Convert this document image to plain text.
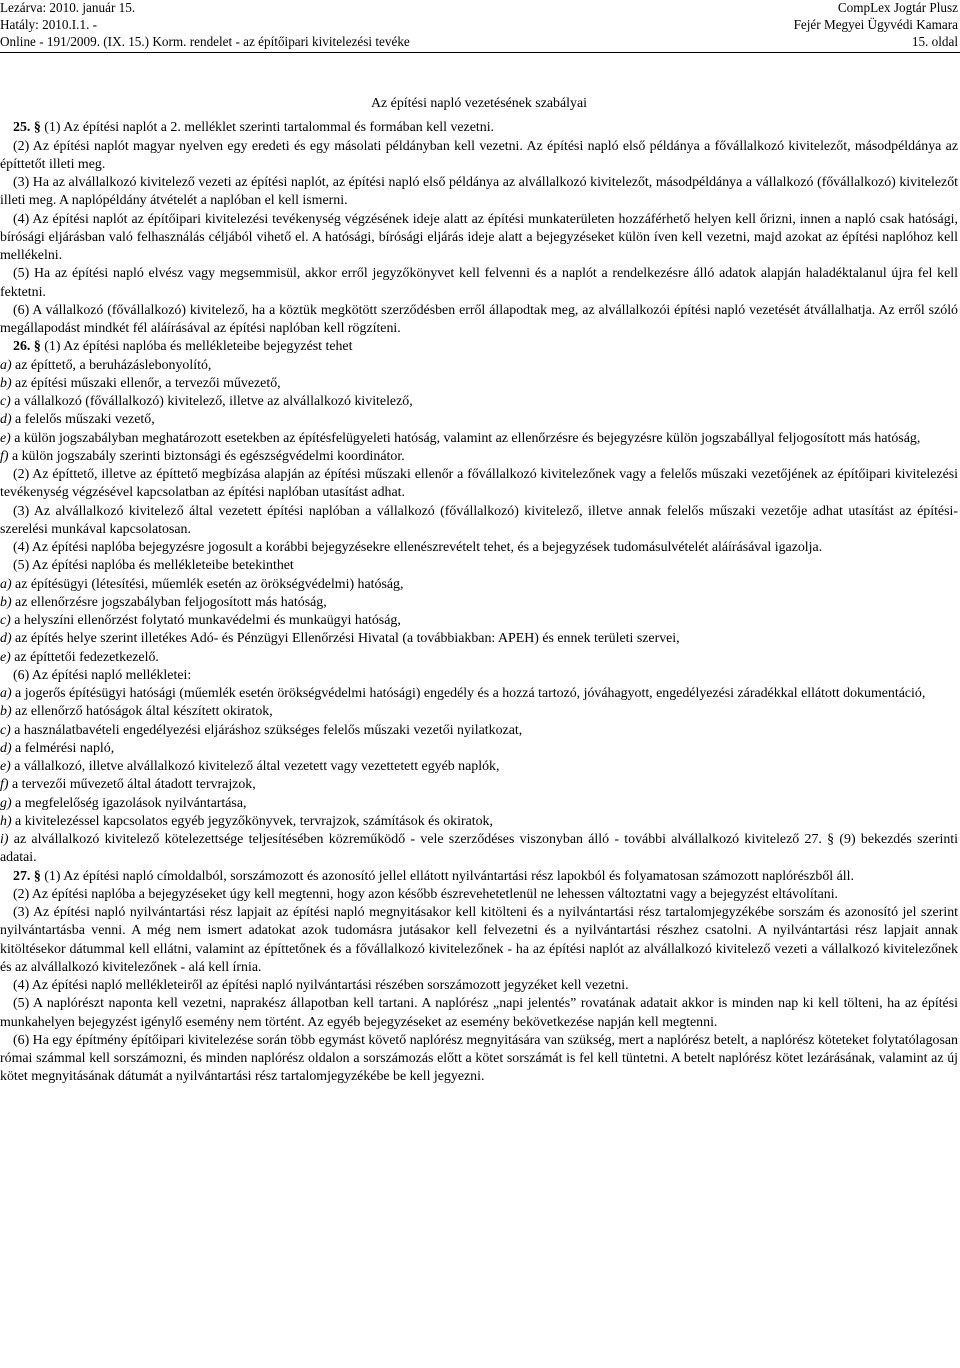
Lezárva: 2010. január 15.
Hatály: 2010.I.1. -
Online - 191/2009. (IX. 15.) Korm. rendelet - az építőipari kivitelezési tevéke
CompLex Jogtár Plusz
Fejér Megyei Ügyvédi Kamara
15. oldal
Az építési napló vezetésének szabályai

25. § (1) Az építési naplót a 2. melléklet szerinti tartalommal és formában kell vezetni.

(2) Az építési naplót magyar nyelven egy eredeti és egy másolati példányban kell vezetni. Az építési napló első példánya a fővállalkozó kivitelezőt, másodpéldánya az építtetőt illeti meg.

(3) Ha az alvállalkozó kivitelező vezeti az építési naplót, az építési napló első példánya az alvállalkozó kivitelezőt, másodpéldánya a vállalkozó (fővállalkozó) kivitelezőt illeti meg. A naplópéldány átvételét a naplóban el kell ismerni.

(4) Az építési naplót az építőipari kivitelezési tevékenység végzésének ideje alatt az építési munkaterületen hozzáférhető helyen kell őrizni, innen a napló csak hatósági, bírósági eljárásban való felhasználás céljából vihető el. A hatósági, bírósági eljárás ideje alatt a bejegyzéseket külön íven kell vezetni, majd azokat az építési naplóhoz kell mellékelni.

(5) Ha az építési napló elvész vagy megsemmisül, akkor erről jegyzőkönyvet kell felvenni és a naplót a rendelkezésre álló adatok alapján haladéktalanul újra fel kell fektetni.

(6) A vállalkozó (fővállalkozó) kivitelező, ha a köztük megkötött szerződésben erről állapodtak meg, az alvállalkozói építési napló vezetését átvállalhatja. Az erről szóló megállapodást mindkét fél aláírásával az építési naplóban kell rögzíteni.

26. § (1) Az építési naplóba és mellékleteibe bejegyzést tehet

a) az építtető, a beruházáslebonyolító,

b) az építési műszaki ellenőr, a tervezői művezető,

c) a vállalkozó (fővállalkozó) kivitelező, illetve az alvállalkozó kivitelező,

d) a felelős műszaki vezető,

e) a külön jogszabályban meghatározott esetekben az építésfelügyeleti hatóság, valamint az ellenőrzésre és bejegyzésre külön jogszabállyal feljogosított más hatóság,

f) a külön jogszabály szerinti biztonsági és egészségvédelmi koordinátor.

(2) Az építtető, illetve az építtető megbízása alapján az építési műszaki ellenőr a fővállalkozó kivitelezőnek vagy a felelős műszaki vezetőjének az építőipari kivitelezési tevékenység végzésével kapcsolatban az építési naplóban utasítást adhat.

(3) Az alvállalkozó kivitelező által vezetett építési naplóban a vállalkozó (fővállalkozó) kivitelező, illetve annak felelős műszaki vezetője adhat utasítást az építési-szerelési munkával kapcsolatosan.

(4) Az építési naplóba bejegyzésre jogosult a korábbi bejegyzésekre ellenészrevételt tehet, és a bejegyzések tudomásulvételét aláírásával igazolja.

(5) Az építési naplóba és mellékleteibe betekinthet

a) az építésügyi (létesítési, műemlék esetén az örökségvédelmi) hatóság,

b) az ellenőrzésre jogszabályban feljogosított más hatóság,

c) a helyszíni ellenőrzést folytató munkavédelmi és munkaügyi hatóság,

d) az építés helye szerint illetékes Adó- és Pénzügyi Ellenőrzési Hivatal (a továbbiakban: APEH) és ennek területi szervei,

e) az építtetői fedezetkezelő.

(6) Az építési napló mellékletei:

a) a jogerős építésügyi hatósági (műemlék esetén örökségvédelmi hatósági) engedély és a hozzá tartozó, jóváhagyott, engedélyezési záradékkal ellátott dokumentáció,

b) az ellenőrző hatóságok által készített okiratok,

c) a használatbavételi engedélyezési eljáráshoz szükséges felelős műszaki vezetői nyilatkozat,

d) a felmérési napló,

e) a vállalkozó, illetve alvállalkozó kivitelező által vezetett vagy vezettetett egyéb naplók,

f) a tervezői művezető által átadott tervrajzok,

g) a megfelelőség igazolások nyilvántartása,

h) a kivitelezéssel kapcsolatos egyéb jegyzőkönyvek, tervrajzok, számítások és okiratok,

i) az alvállalkozó kivitelező kötelezettsége teljesítésében közreműködő - vele szerződéses viszonyban álló - további alvállalkozó kivitelező 27. § (9) bekezdés szerinti adatai.

27. § (1) Az építési napló címoldalból, sorszámozott és azonosító jellel ellátott nyilvántartási rész lapokból és folyamatosan számozott naplórészből áll.

(2) Az építési naplóba a bejegyzéseket úgy kell megtenni, hogy azon később észrevehetetlenül ne lehessen változtatni vagy a bejegyzést eltávolítani.

(3) Az építési napló nyilvántartási rész lapjait az építési napló megnyitásakor kell kitölteni és a nyilvántartási rész tartalomjegyzékébe sorszám és azonosító jel szerint nyilvántartásba venni. A még nem ismert adatokat azok tudomásra jutásakor kell felvezetni és a nyilvántartási részhez csatolni. A nyilvántartási rész lapjait annak kitöltésekor dátummal kell ellátni, valamint az építtetőnek és a fővállalkozó kivitelezőnek - ha az építési naplót az alvállalkozó kivitelező vezeti a vállalkozó kivitelezőnek és az alvállalkozó kivitelezőnek - alá kell írnia.

(4) Az építési napló mellékleteiről az építési napló nyilvántartási részében sorszámozott jegyzéket kell vezetni.

(5) A naplórészt naponta kell vezetni, naprakész állapotban kell tartani. A naplórész „napi jelentés” rovatának adatait akkor is minden nap ki kell tölteni, ha az építési munkahelyen bejegyzést igénylő esemény nem történt. Az egyéb bejegyzéseket az esemény bekövetkezése napján kell megtenni.

(6) Ha egy építmény építőipari kivitelezése során több egymást követő naplórész megnyitására van szükség, mert a naplórész betelt, a naplórész köteteket folytatólagosan római számmal kell sorszámozni, és minden naplórész oldalon a sorszámozás előtt a kötet sorszámát is fel kell tüntetni. A betelt naplórész kötet lezárásának, valamint az új kötet megnyitásának dátumát a nyilvántartási rész tartalomjegyzékébe be kell jegyezni.
